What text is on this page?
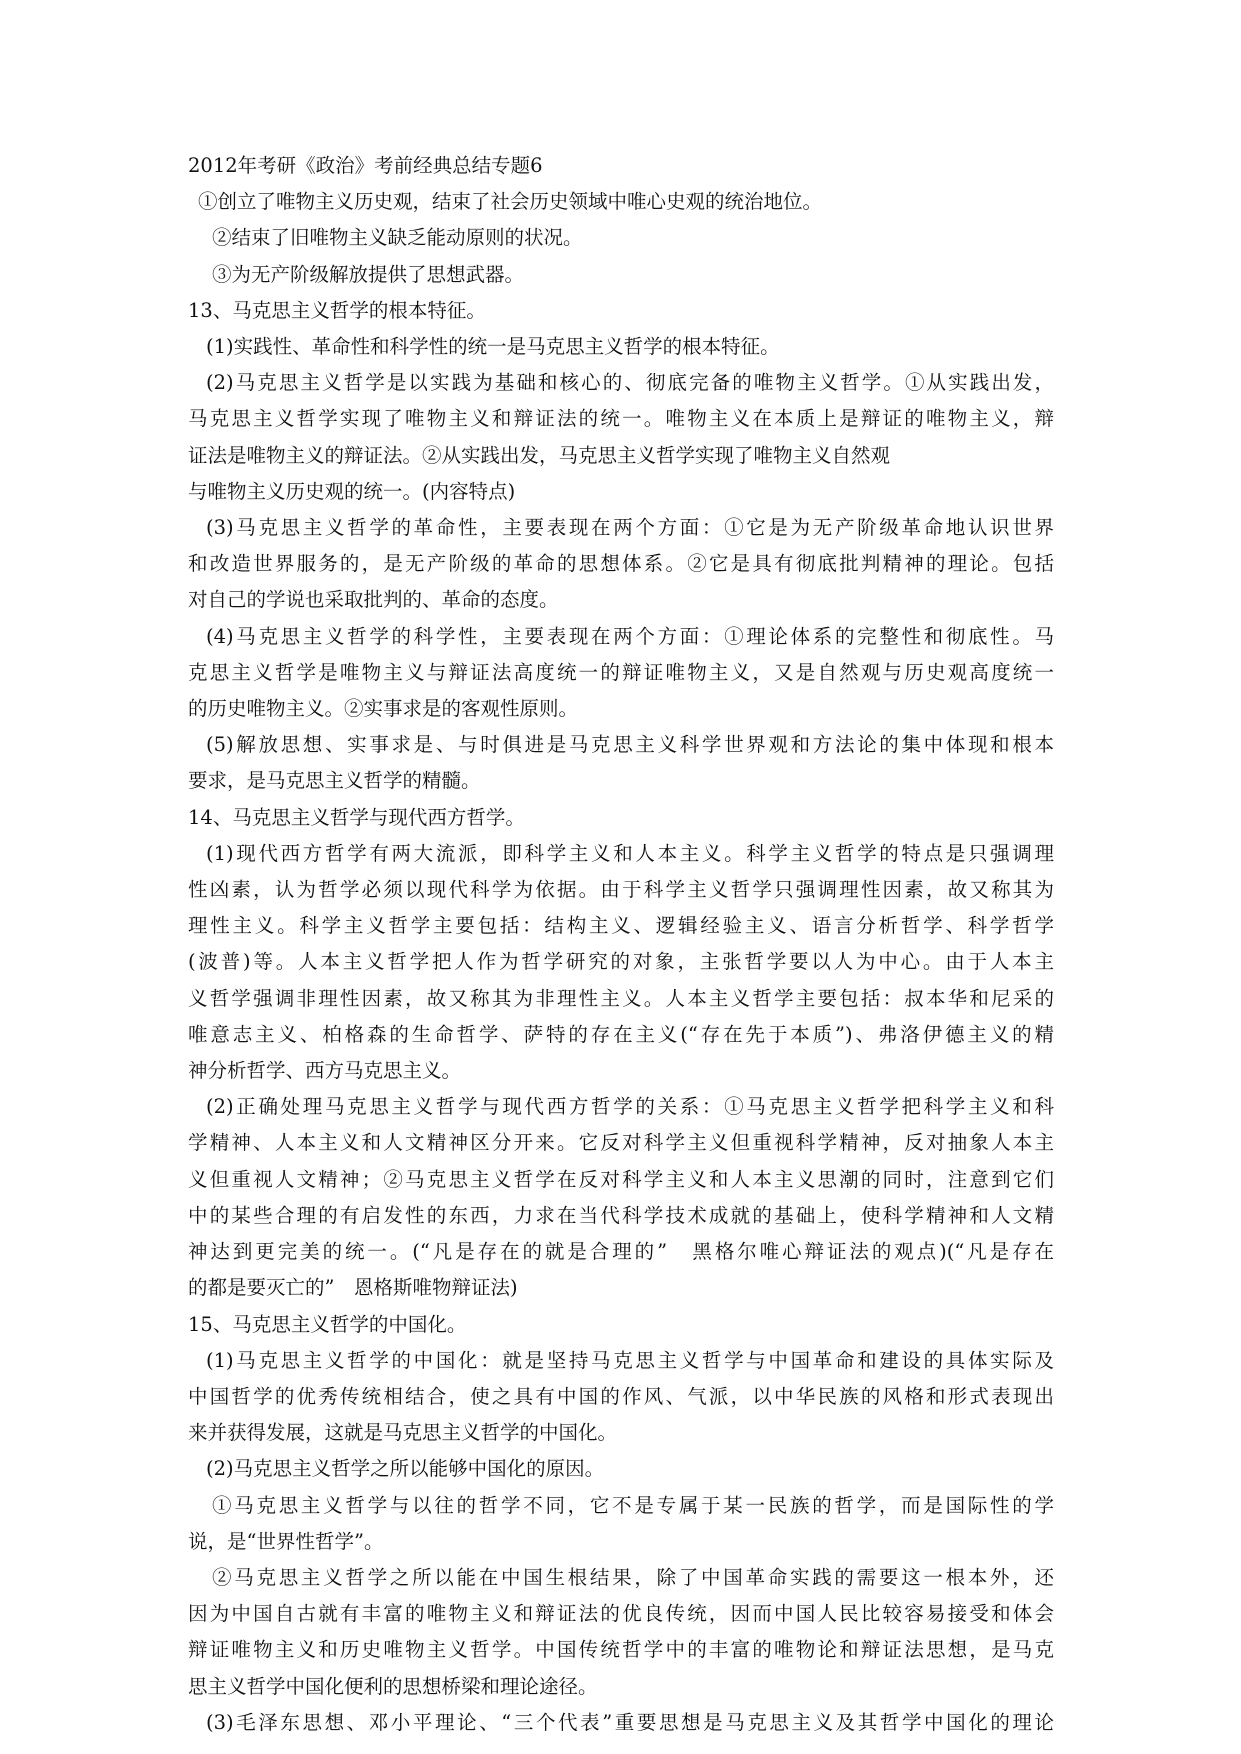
2012年考研《政治》考前经典总结专题6
①创立了唯物主义历史观，结束了社会历史领域中唯心史观的统治地位。
②结束了旧唯物主义缺乏能动原则的状况。
③为无产阶级解放提供了思想武器。
13、马克思主义哲学的根本特征。
(1)实践性、革命性和科学性的统一是马克思主义哲学的根本特征。
(2)马克思主义哲学是以实践为基础和核心的、彻底完备的唯物主义哲学。①从实践出发，
马克思主义哲学实现了唯物主义和辩证法的统一。唯物主义在本质上是辩证的唯物主义，辩
证法是唯物主义的辩证法。②从实践出发，马克思主义哲学实现了唯物主义自然观
与唯物主义历史观的统一。(内容特点)
(3)马克思主义哲学的革命性，主要表现在两个方面：①它是为无产阶级革命地认识世界
和改造世界服务的，是无产阶级的革命的思想体系。②它是具有彻底批判精神的理论。包括
对自己的学说也采取批判的、革命的态度。
(4)马克思主义哲学的科学性，主要表现在两个方面：①理论体系的完整性和彻底性。马
克思主义哲学是唯物主义与辩证法高度统一的辩证唯物主义，又是自然观与历史观高度统一
的历史唯物主义。②实事求是的客观性原则。
(5)解放思想、实事求是、与时俱进是马克思主义科学世界观和方法论的集中体现和根本
要求，是马克思主义哲学的精髓。
14、马克思主义哲学与现代西方哲学。
(1)现代西方哲学有两大流派，即科学主义和人本主义。科学主义哲学的特点是只强调理
性凶素，认为哲学必须以现代科学为依据。由于科学主义哲学只强调理性因素，故又称其为
理性主义。科学主义哲学主要包括：结构主义、逻辑经验主义、语言分析哲学、科学哲学
(波普)等。人本主义哲学把人作为哲学研究的对象，主张哲学要以人为中心。由于人本主
义哲学强调非理性因素，故又称其为非理性主义。人本主义哲学主要包括：叔本华和尼采的
唯意志主义、柏格森的生命哲学、萨特的存在主义(“存在先于本质”)、弗洛伊德主义的精
神分析哲学、西方马克思主义。
(2)正确处理马克思主义哲学与现代西方哲学的关系：①马克思主义哲学把科学主义和科
学精神、人本主义和人文精神区分开来。它反对科学主义但重视科学精神，反对抽象人本主
义但重视人文精神；②马克思主义哲学在反对科学主义和人本主义思潮的同时，注意到它们
中的某些合理的有启发性的东西，力求在当代科学技术成就的基础上，使科学精神和人文精
神达到更完美的统一。(“凡是存在的就是合理的”　黑格尔唯心辩证法的观点)(“凡是存在
的都是要灭亡的”　恩格斯唯物辩证法)
15、马克思主义哲学的中国化。
(1)马克思主义哲学的中国化：就是坚持马克思主义哲学与中国革命和建设的具体实际及
中国哲学的优秀传统相结合，使之具有中国的作风、气派，以中华民族的风格和形式表现出
来并获得发展，这就是马克思主义哲学的中国化。
(2)马克思主义哲学之所以能够中国化的原因。
①马克思主义哲学与以往的哲学不同，它不是专属于某一民族的哲学，而是国际性的学
说，是“世界性哲学”。
②马克思主义哲学之所以能在中国生根结果，除了中国革命实践的需要这一根本外，还
因为中国自古就有丰富的唯物主义和辩证法的优良传统，因而中国人民比较容易接受和体会
辩证唯物主义和历史唯物主义哲学。中国传统哲学中的丰富的唯物论和辩证法思想，是马克
思主义哲学中国化便利的思想桥梁和理论途径。
(3)毛泽东思想、邓小平理论、“三个代表”重要思想是马克思主义及其哲学中国化的理论
